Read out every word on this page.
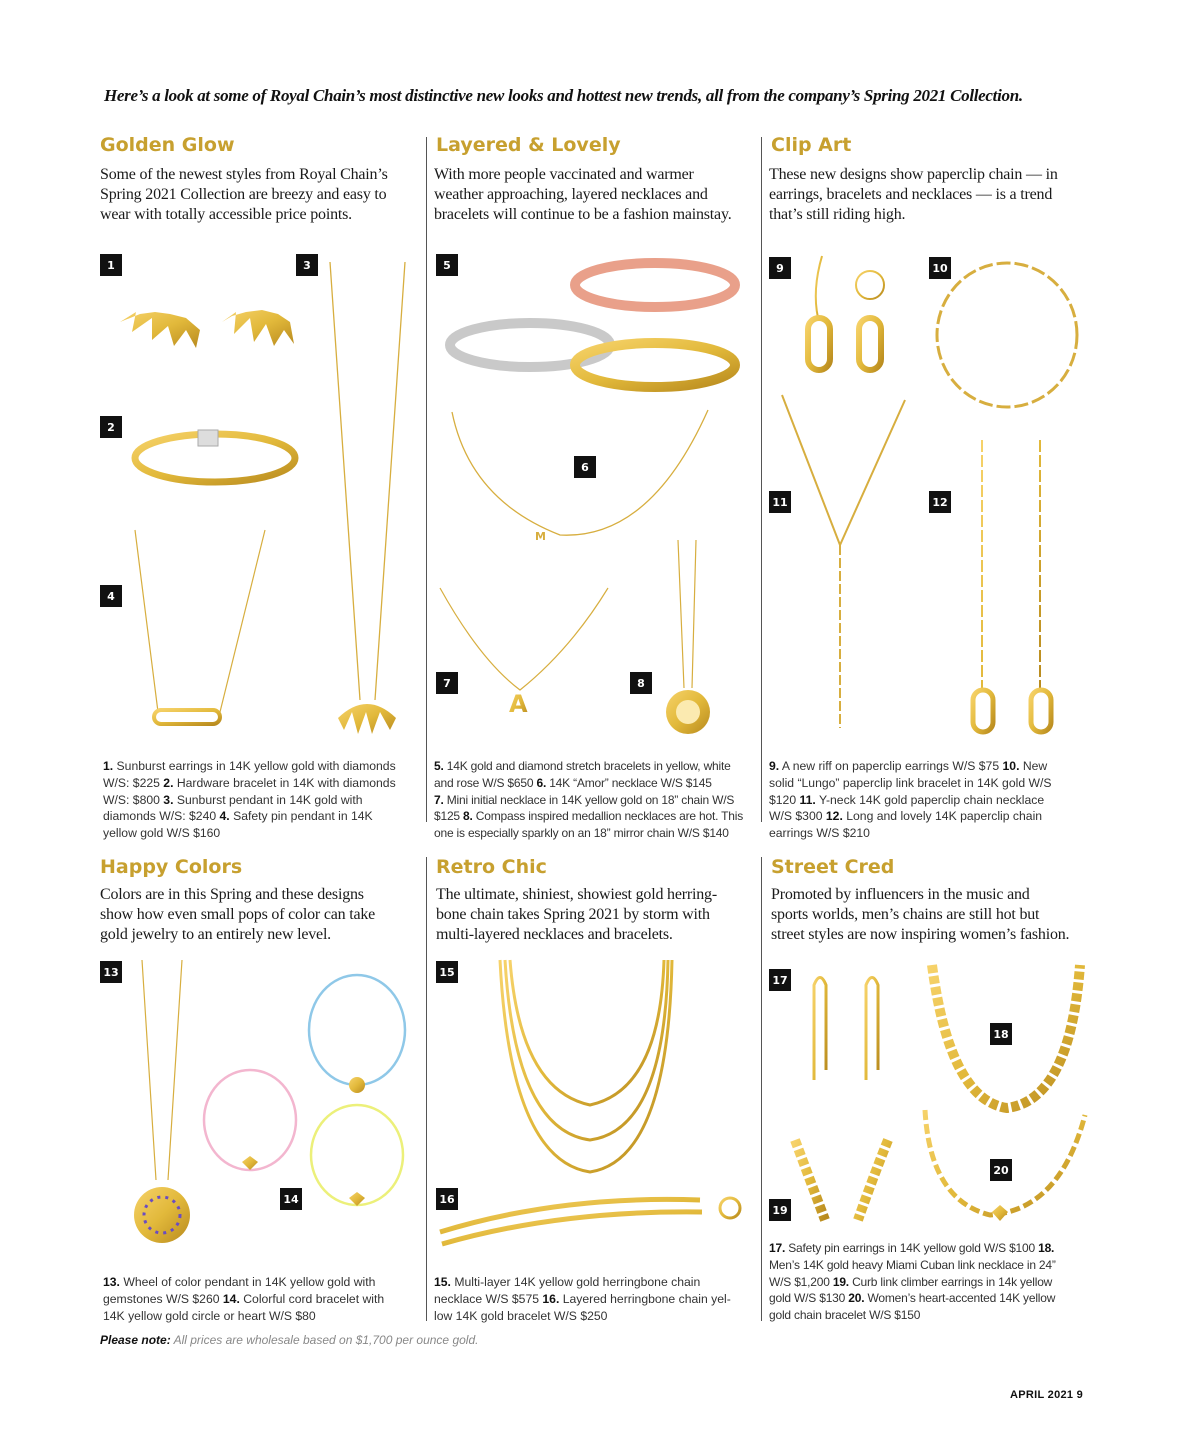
Here’s a look at some of Royal Chain’s most distinctive new looks and hottest new trends, all from the company’s Spring 2021 Collection.
Golden Glow
Some of the newest styles from Royal Chain’s
Spring 2021 Collection are breezy and easy to
wear with totally accessible price points.
Layered & Lovely
With more people vaccinated and warmer
weather approaching, layered necklaces and
bracelets will continue to be a fashion mainstay.
Clip Art
These new designs show paperclip chain — in
earrings, bracelets and necklaces — is a trend
that’s still riding high.
Happy Colors
Colors are in this Spring and these designs
show how even small pops of color can take
gold jewelry to an entirely new level.
Retro Chic
The ultimate, shiniest, showiest gold herring-
bone chain takes Spring 2021 by storm with
multi-layered necklaces and bracelets.
Street Cred
Promoted by influencers in the music and
sports worlds, men’s chains are still hot but
street styles are now inspiring women’s fashion.
M
A
1
2
3
4
5
6
7	8
9	10
11	12
13
14
15
16
17
18
19
20
1. Sunburst earrings in 14K yellow gold with diamonds
W/S: $225 2. Hardware bracelet in 14K with diamonds
W/S: $800 3. Sunburst pendant in 14K gold with
diamonds W/S: $240 4. Safety pin pendant in 14K
yellow gold W/S $160
5. 14K gold and diamond stretch bracelets in yellow, white
and rose W/S $650 6. 14K “Amor” necklace W/S $145
7. Mini initial necklace in 14K yellow gold on 18” chain W/S
$125 8. Compass inspired medallion necklaces are hot. This
one is especially sparkly on an 18” mirror chain W/S $140
9. A new riff on paperclip earrings W/S $75 10. New
solid “Lungo” paperclip link bracelet in 14K gold W/S
$120 11. Y-neck 14K gold paperclip chain necklace
W/S $300 12. Long and lovely 14K paperclip chain
earrings W/S $210
13. Wheel of color pendant in 14K yellow gold with
gemstones W/S $260 14. Colorful cord bracelet with
14K yellow gold circle or heart W/S $80
15. Multi-layer 14K yellow gold herringbone chain
necklace W/S $575 16. Layered herringbone chain yel-
low 14K gold bracelet W/S $250
17. Safety pin earrings in 14K yellow gold W/S $100 18.
Men’s 14K gold heavy Miami Cuban link necklace in 24”
W/S $1,200 19. Curb link climber earrings in 14k yellow
gold W/S $130 20. Women’s heart-accented 14K yellow
gold chain bracelet W/S $150
Please note: All prices are wholesale based on $1,700 per ounce gold.
APRIL 2021 9
